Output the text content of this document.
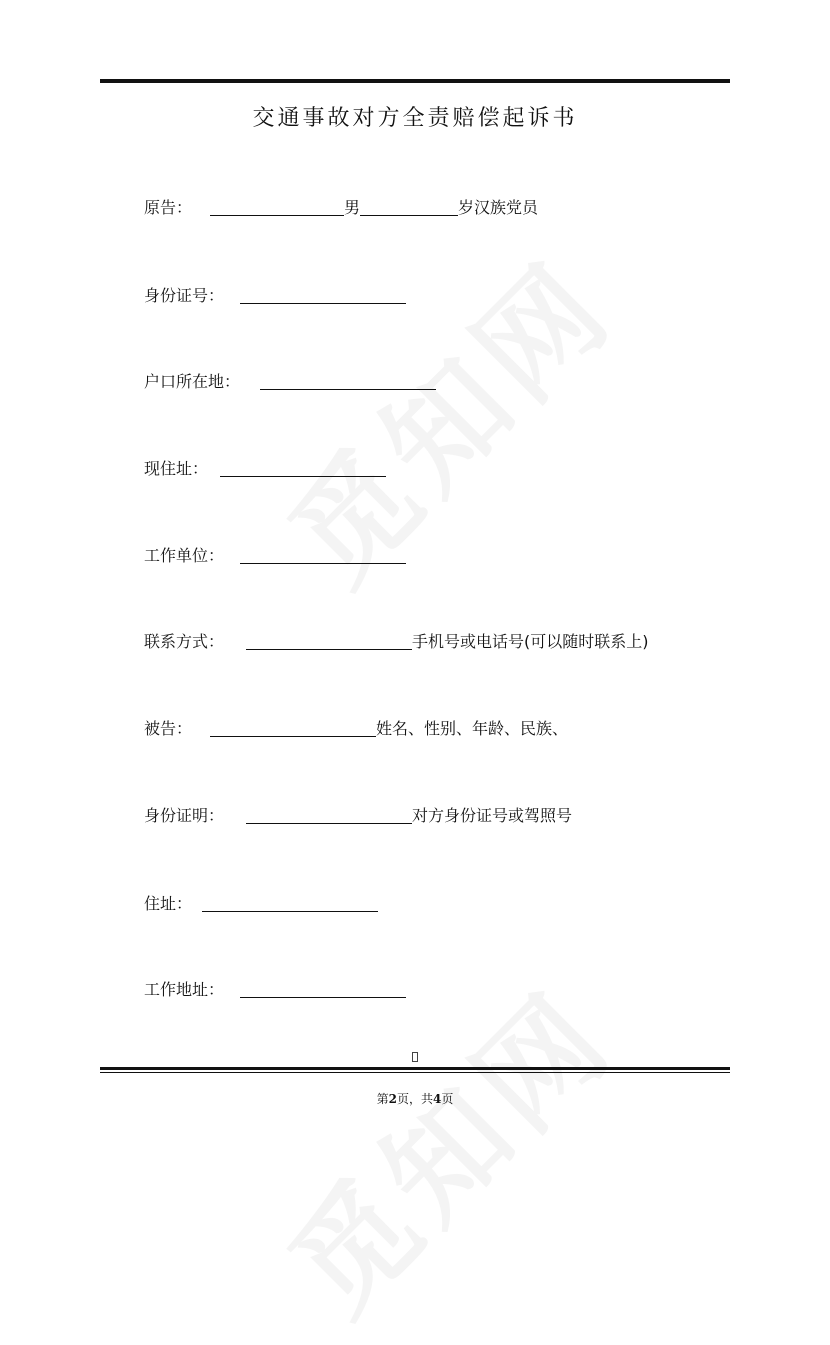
交通事故对方全责赔偿起诉书
原告：	男	岁汉族党员
身份证号：
户口所在地：
现住址：
工作单位：
联系方式：	手机号或电话号(可以随时联系上)
被告：	姓名、性别、年龄、民族、
身份证明：	对方身份证号或驾照号
住址：
工作地址：
第2页，共4页
